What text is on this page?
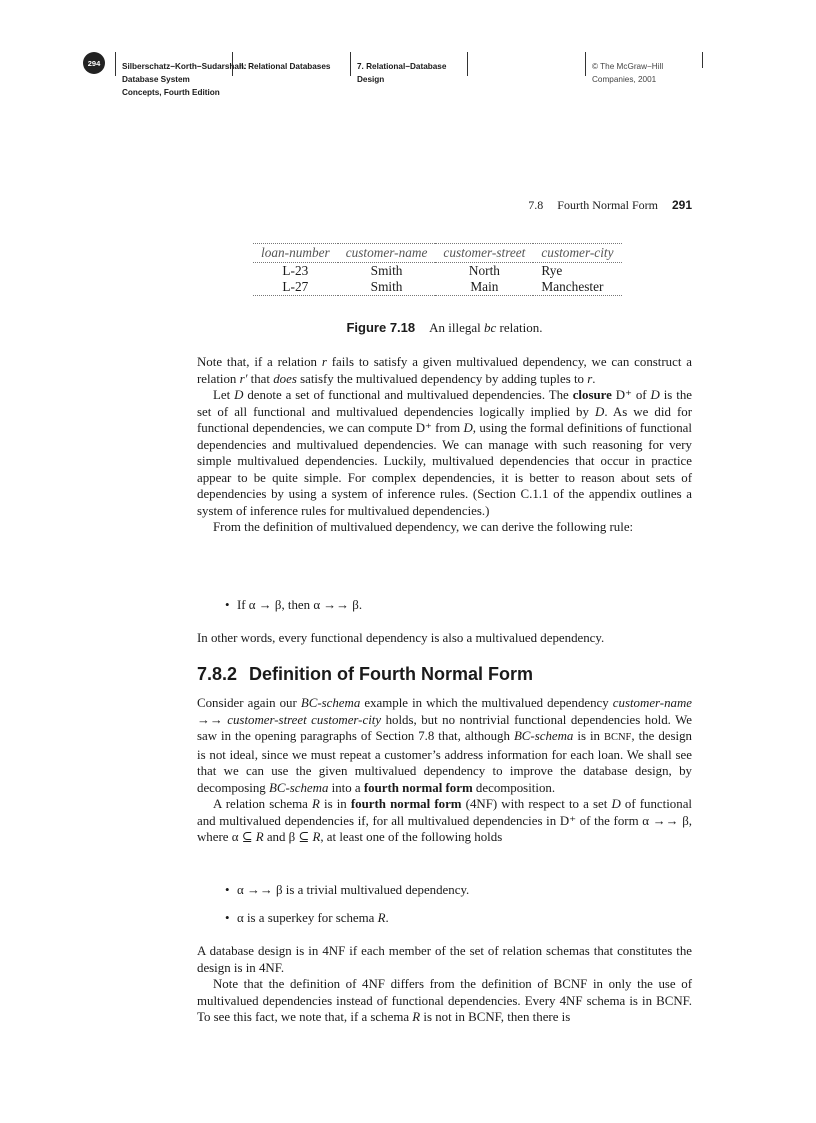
294	Silberschatz−Korth−Sudarshan:
Database System
Concepts, Fourth Edition
II. Relational Databases	7. Relational−Database
Design
© The McGraw−Hill
Companies, 2001
7.8 Fourth Normal Form 291
loan-number	customer-name	customer-street	customer-city
L-23	Smith	North	Rye
L-27	Smith	Main	Manchester
Figure 7.18 An illegal bc relation.

Note that, if a relation r fails to satisfy a given multivalued dependency, we can construct a relation r′ that does satisfy the multivalued dependency by adding tuples to r.

Let D denote a set of functional and multivalued dependencies. The closure D⁺ of D is the set of all functional and multivalued dependencies logically implied by D. As we did for functional dependencies, we can compute D⁺ from D, using the formal definitions of functional dependencies and multivalued dependencies. We can manage with such reasoning for very simple multivalued dependencies. Luckily, multivalued dependencies that occur in practice appear to be quite simple. For complex dependencies, it is better to reason about sets of dependencies by using a system of inference rules. (Section C.1.1 of the appendix outlines a system of inference rules for multivalued dependencies.)

From the definition of multivalued dependency, we can derive the following rule:

• If α → β, then α →→ β.

In other words, every functional dependency is also a multivalued dependency.

7.8.2 Definition of Fourth Normal Form

Consider again our BC-schema example in which the multivalued dependency customer-name →→ customer-street customer-city holds, but no nontrivial functional dependencies hold. We saw in the opening paragraphs of Section 7.8 that, although BC-schema is in BCNF, the design is not ideal, since we must repeat a customer’s address information for each loan. We shall see that we can use the given multivalued dependency to improve the database design, by decomposing BC-schema into a fourth normal form decomposition.

A relation schema R is in fourth normal form (4NF) with respect to a set D of functional and multivalued dependencies if, for all multivalued dependencies in D⁺ of the form α →→ β, where α ⊆ R and β ⊆ R, at least one of the following holds

• α →→ β is a trivial multivalued dependency.
• α is a superkey for schema R.

A database design is in 4NF if each member of the set of relation schemas that constitutes the design is in 4NF.

Note that the definition of 4NF differs from the definition of BCNF in only the use of multivalued dependencies instead of functional dependencies. Every 4NF schema is in BCNF. To see this fact, we note that, if a schema R is not in BCNF, then there is
